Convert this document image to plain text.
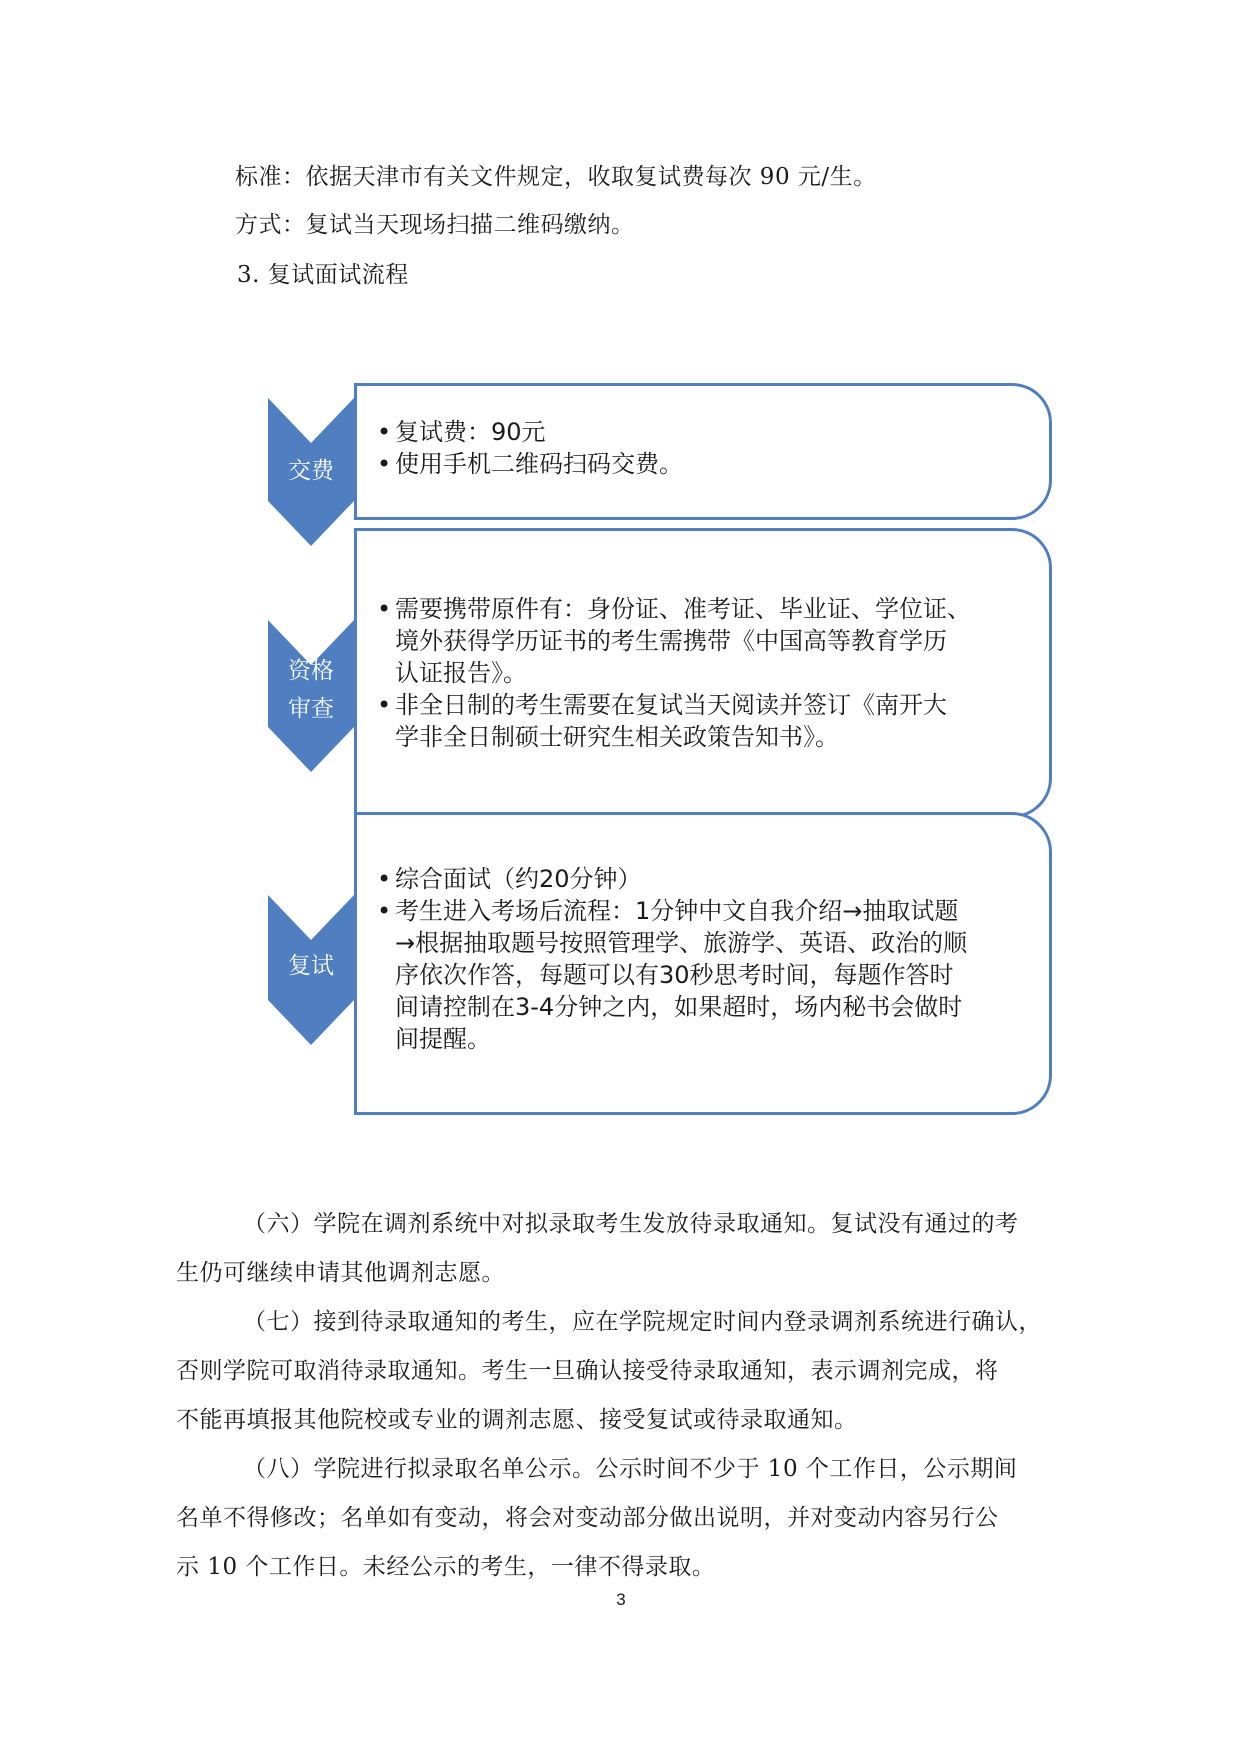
标准：依据天津市有关文件规定，收取复试费每次 90 元/生。
方式：复试当天现场扫描二维码缴纳。
3. 复试面试流程
交费
• 复试费：90元
• 使用手机二维码扫码交费。
资格
审查
• 需要携带原件有：身份证、准考证、毕业证、学位证、
境外获得学历证书的考生需携带《中国高等教育学历
认证报告》。
• 非全日制的考生需要在复试当天阅读并签订《南开大
学非全日制硕士研究生相关政策告知书》。
复试
• 综合面试（约20分钟）
• 考生进入考场后流程：1分钟中文自我介绍→抽取试题
→根据抽取题号按照管理学、旅游学、英语、政治的顺
序依次作答，每题可以有30秒思考时间，每题作答时
间请控制在3-4分钟之内，如果超时，场内秘书会做时
间提醒。
（六）学院在调剂系统中对拟录取考生发放待录取通知。复试没有通过的考
生仍可继续申请其他调剂志愿。
（七）接到待录取通知的考生，应在学院规定时间内登录调剂系统进行确认，
否则学院可取消待录取通知。考生一旦确认接受待录取通知，表示调剂完成，将
不能再填报其他院校或专业的调剂志愿、接受复试或待录取通知。
（八）学院进行拟录取名单公示。公示时间不少于 10 个工作日，公示期间
名单不得修改；名单如有变动，将会对变动部分做出说明，并对变动内容另行公
示 10 个工作日。未经公示的考生，一律不得录取。
3
